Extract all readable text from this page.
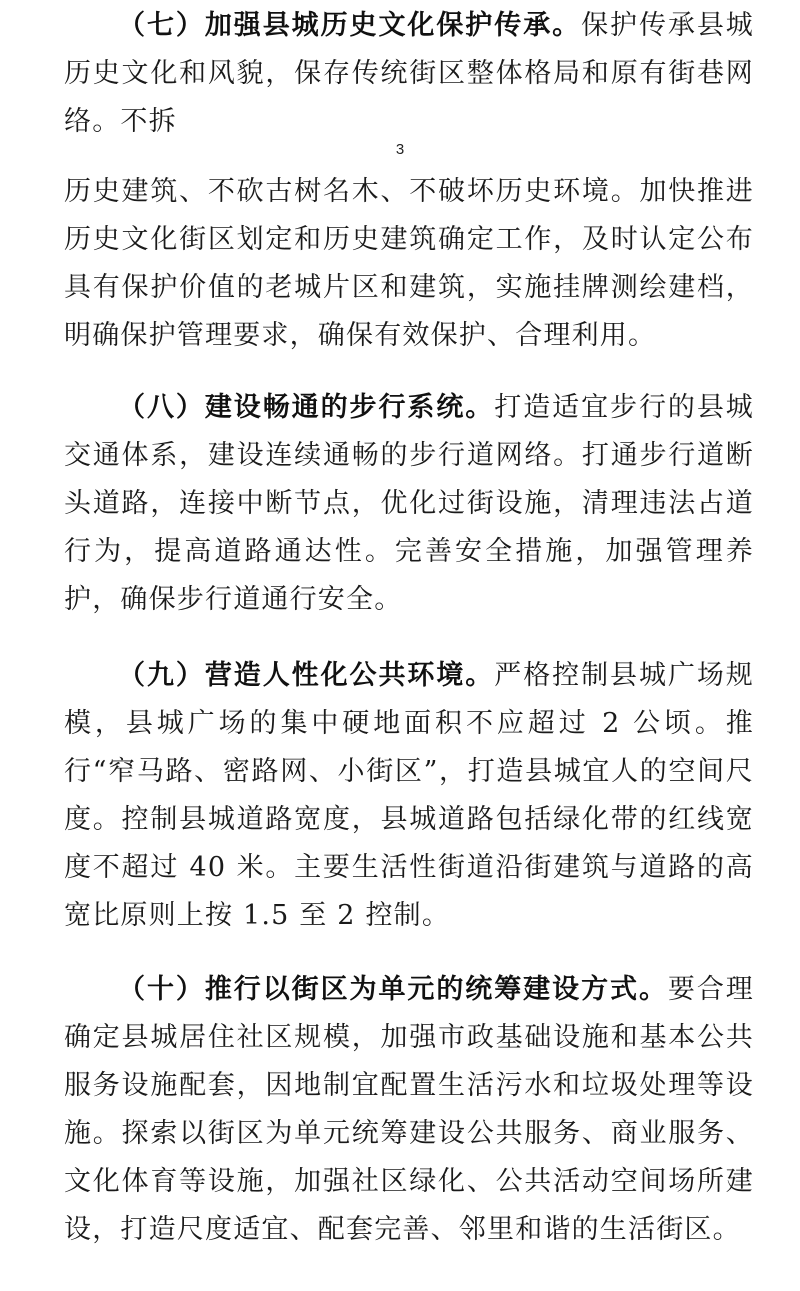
（七）加强县城历史文化保护传承。保护传承县城历史文化和风貌，保存传统街区整体格局和原有街巷网络。不拆

3

历史建筑、不砍古树名木、不破坏历史环境。加快推进历史文化街区划定和历史建筑确定工作，及时认定公布具有保护价值的老城片区和建筑，实施挂牌测绘建档，明确保护管理要求，确保有效保护、合理利用。

（八）建设畅通的步行系统。打造适宜步行的县城交通体系，建设连续通畅的步行道网络。打通步行道断头道路，连接中断节点，优化过街设施，清理违法占道行为，提高道路通达性。完善安全措施，加强管理养护，确保步行道通行安全。

（九）营造人性化公共环境。严格控制县城广场规模，县城广场的集中硬地面积不应超过 2 公顷。推行“窄马路、密路网、小街区”，打造县城宜人的空间尺度。控制县城道路宽度，县城道路包括绿化带的红线宽度不超过 40 米。主要生活性街道沿街建筑与道路的高宽比原则上按 1.5 至 2 控制。

（十）推行以街区为单元的统筹建设方式。要合理确定县城居住社区规模，加强市政基础设施和基本公共服务设施配套，因地制宜配置生活污水和垃圾处理等设施。探索以街区为单元统筹建设公共服务、商业服务、文化体育等设施，加强社区绿化、公共活动空间场所建设，打造尺度适宜、配套完善、邻里和谐的生活街区。
